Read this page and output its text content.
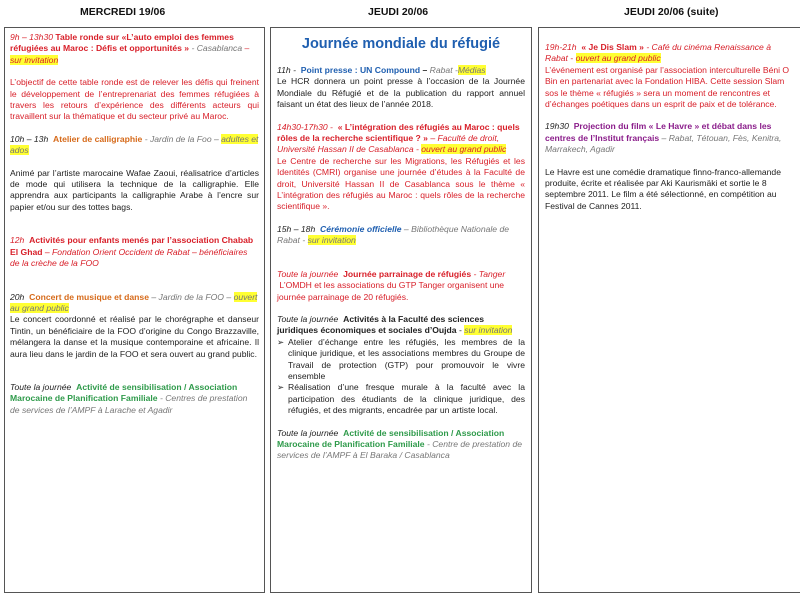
MERCREDI 19/06	JEUDI 20/06	JEUDI 20/06 (suite)

9h – 13h30 Table ronde sur «L’auto emploi des femmes réfugiées au Maroc : Défis et opportunités » - Casablanca – sur invitation

L’objectif de cette table ronde est de relever les défis qui freinent le développement de l’entreprenariat des femmes réfugiées à travers les retours d’expérience des différents acteurs qui travaillent sur la thématique et du secteur privé au Maroc.

10h – 13h Atelier de calligraphie - Jardin de la Foo – adultes et ados

Animé par l’artiste marocaine Wafae Zaoui, réalisatrice d’articles de mode qui utilisera la technique de la calligraphie. Elle apprendra aux participants la calligraphie Arabe à l’encre sur papier et/ou sur des tottes bags.

12h Activités pour enfants menés par l’association Chabab El Ghad – Fondation Orient Occident de Rabat – bénéficiaires de la crèche de la FOO

20h Concert de musique et danse – Jardin de la FOO – ouvert au grand public

Le concert coordonné et réalisé par le chorégraphe et danseur Tintin, un bénéficiaire de la FOO d’origine du Congo Brazzaville, mélangera la danse et la musique contemporaine et africaine. Il aura lieu dans le jardin de la FOO et sera ouvert au grand public.

Toute la journée Activité de sensibilisation / Association Marocaine de Planification Familiale - Centres de prestation de services de l’AMPF à Larache et Agadir

Journée mondiale du réfugié

11h - Point presse : UN Compound – Rabat -Médias

Le HCR donnera un point presse à l’occasion de la Journée Mondiale du Réfugié et de la publication du rapport annuel faisant un état des lieux de l’année 2018.

14h30-17h30 - « L’intégration des réfugiés au Maroc : quels rôles de la recherche scientifique ? » – Faculté de droit, Université Hassan II de Casablanca - ouvert au grand public

Le Centre de recherche sur les Migrations, les Réfugiés et les Identités (CMRI) organise une journée d’études à la Faculté de droit, Université Hassan II de Casablanca sous le thème « L’intégration des réfugiés au Maroc : quels rôles de la recherche scientifique ».

15h – 18h Cérémonie officielle – Bibliothèque Nationale de Rabat - sur invitation

Toute la journée Journée parrainage de réfugiés - Tanger  L’OMDH et les associations du GTP Tanger organisent une journée parrainage de 20 réfugiés.

Toute la journée Activités à la Faculté des sciences juridiques économiques et sociales d’Oujda - sur invitation

➢ Atelier d’échange entre les réfugiés, les membres de la clinique juridique, et les associations membres du Groupe de Travail de protection (GTP) pour promouvoir le vivre ensemble
➢ Réalisation d’une fresque murale à la faculté avec la participation des étudiants de la clinique juridique, des réfugiés, et des migrants, encadrée par un artiste local.

Toute la journée Activité de sensibilisation / Association Marocaine de Planification Familiale - Centre de prestation de services de l’AMPF à El Baraka / Casablanca

19h-21h « Je Dis Slam » - Café du cinéma Renaissance à Rabat - ouvert au grand public

L’événement est organisé par l’association interculturelle Béni O Bin en partenariat avec la Fondation HIBA. Cette session Slam sos le thème « réfugiés » sera un moment de rencontres et d’échanges poétiques dans un esprit de paix et de tolérance.

19h30 Projection du film « Le Havre » et débat dans les centres de l’Institut français – Rabat, Tétouan, Fès, Kenitra, Marrakech, Agadir

Le Havre est une comédie dramatique finno-franco-allemande produite, écrite et réalisée par Aki Kaurismäki et sortie le 8 septembre 2011. Le film a été sélectionné, en compétition au Festival de Cannes 2011.
